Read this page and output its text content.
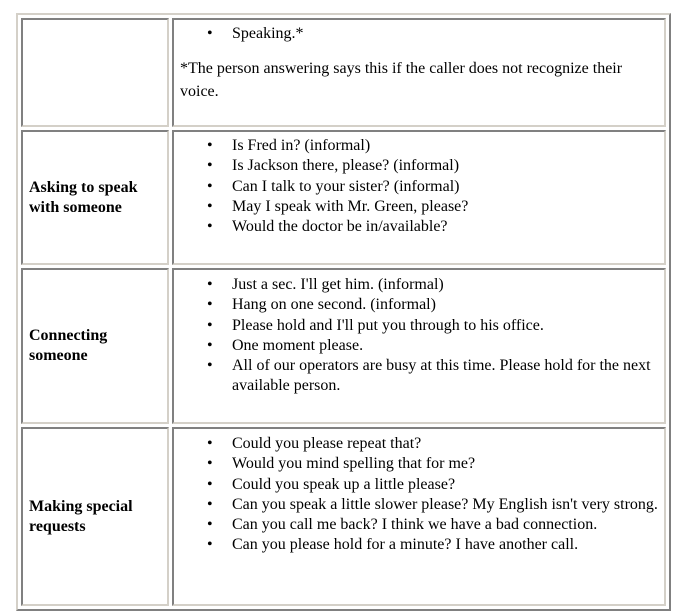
• Speaking.*

*The person answering says this if the caller does not recognize their voice.

Asking to speak with someone	
• Is Fred in? (informal)
• Is Jackson there, please? (informal)
• Can I talk to your sister? (informal)
• May I speak with Mr. Green, please?
• Would the doctor be in/available?

Connecting someone	
• Just a sec. I'll get him. (informal)
• Hang on one second. (informal)
• Please hold and I'll put you through to his office.
• One moment please.
• All of our operators are busy at this time. Please hold for the next available person.

Making special requests	
• Could you please repeat that?
• Would you mind spelling that for me?
• Could you speak up a little please?
• Can you speak a little slower please? My English isn't very strong.
• Can you call me back? I think we have a bad connection.
• Can you please hold for a minute? I have another call.
